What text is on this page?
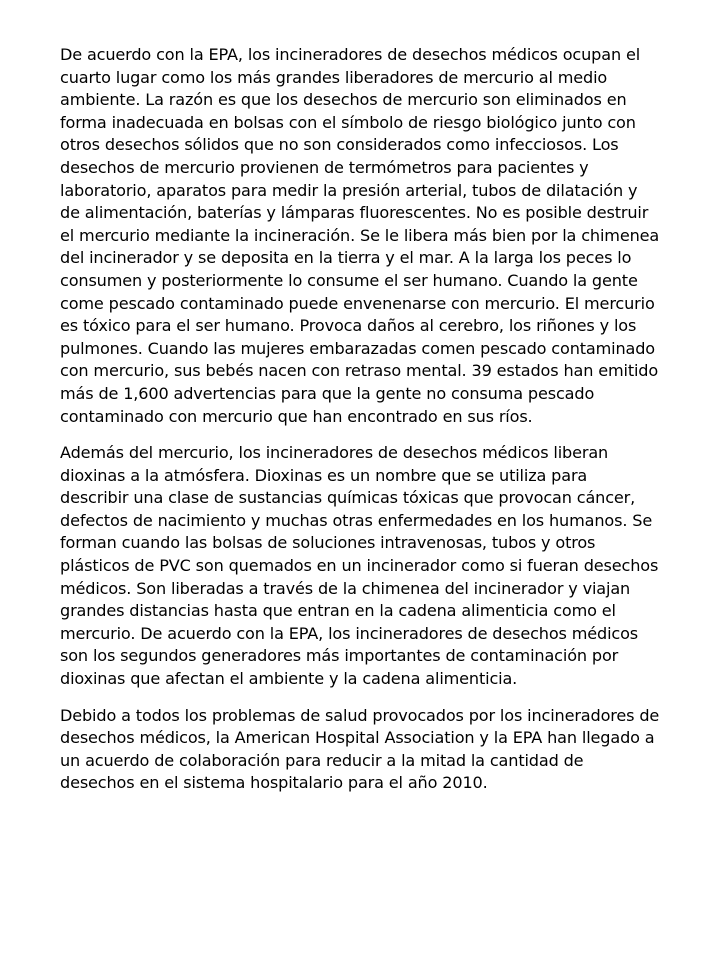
De acuerdo con la EPA, los incineradores de desechos médicos ocupan el cuarto lugar como los más grandes liberadores de mercurio al medio ambiente. La razón es que los desechos de mercurio son eliminados en forma inadecuada en bolsas con el símbolo de riesgo biológico junto con otros desechos sólidos que no son considerados como infecciosos. Los desechos de mercurio provienen de termómetros para pacientes y laboratorio, aparatos para medir la presión arterial, tubos de dilatación y de alimentación, baterías y lámparas fluorescentes. No es posible destruir el mercurio mediante la incineración. Se le libera más bien por la chimenea del incinerador y se deposita en la tierra y el mar. A la larga los peces lo consumen y posteriormente lo consume el ser humano. Cuando la gente come pescado contaminado puede envenenarse con mercurio. El mercurio es tóxico para el ser humano. Provoca daños al cerebro, los riñones y los pulmones. Cuando las mujeres embarazadas comen pescado contaminado con mercurio, sus bebés nacen con retraso mental. 39 estados han emitido más de 1,600 advertencias para que la gente no consuma pescado contaminado con mercurio que han encontrado en sus ríos.

Además del mercurio, los incineradores de desechos médicos liberan dioxinas a la atmósfera. Dioxinas es un nombre que se utiliza para describir una clase de sustancias químicas tóxicas que provocan cáncer, defectos de nacimiento y muchas otras enfermedades en los humanos. Se forman cuando las bolsas de soluciones intravenosas, tubos y otros plásticos de PVC son quemados en un incinerador como si fueran desechos médicos. Son liberadas a través de la chimenea del incinerador y viajan grandes distancias hasta que entran en la cadena alimenticia como el mercurio. De acuerdo con la EPA, los incineradores de desechos médicos son los segundos generadores más importantes de contaminación por dioxinas que afectan el ambiente y la cadena alimenticia.

Debido a todos los problemas de salud provocados por los incineradores de desechos médicos, la American Hospital Association y la EPA han llegado a un acuerdo de colaboración para reducir a la mitad la cantidad de desechos en el sistema hospitalario para el año 2010.
